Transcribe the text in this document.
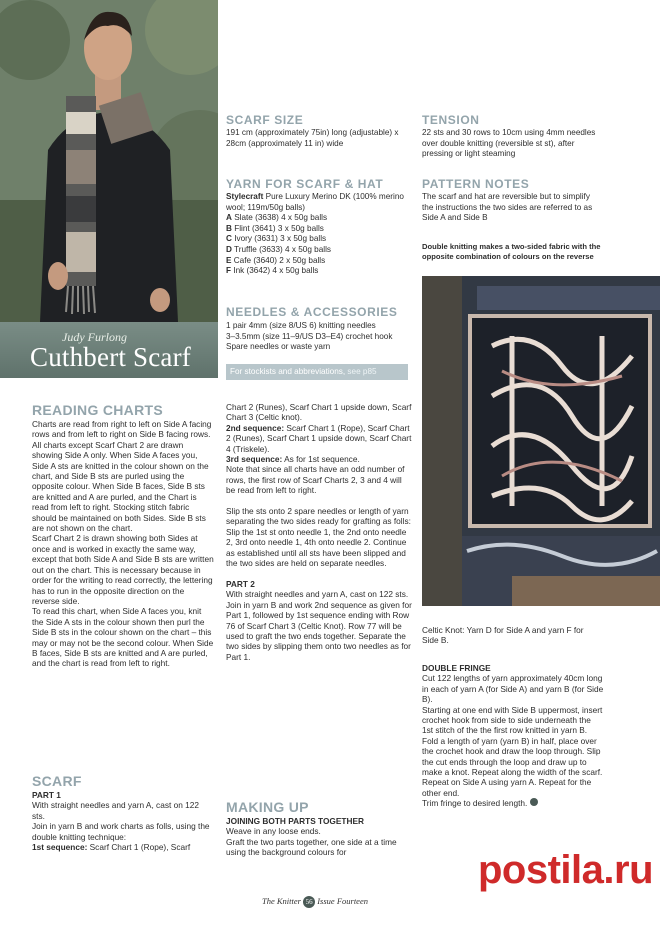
Judy Furlong
Cuthbert Scarf
SCARF SIZE
191 cm (approximately 75in) long (adjustable) x 28cm (approximately 11 in) wide
YARN FOR SCARF & HAT
Stylecraft Pure Luxury Merino DK (100% merino wool; 119m/50g balls)
A Slate (3638) 4 x 50g balls
B Flint (3641) 3 x 50g balls
C Ivory (3631) 3 x 50g balls
D Truffle (3633) 4 x 50g balls
E Cafe (3640) 2 x 50g balls
F Ink (3642) 4 x 50g balls
NEEDLES & ACCESSORIES
1 pair 4mm (size 8/US 6) knitting needles
3–3.5mm (size 11–9/US D3–E4) crochet hook
Spare needles or waste yarn
For stockists and abbreviations, see p85
TENSION
22 sts and 30 rows to 10cm using 4mm needles over double knitting (reversible st st), after pressing or light steaming
PATTERN NOTES
The scarf and hat are reversible but to simplify the instructions the two sides are referred to as Side A and Side B
Double knitting makes a two-sided fabric with the opposite combination of colours on the reverse
READING CHARTS

Charts are read from right to left on Side A facing rows and from left to right on Side B facing rows.

All charts except Scarf Chart 2 are drawn showing Side A only. When Side A faces you, Side A sts are knitted in the colour shown on the chart, and Side B sts are purled using the opposite colour. When Side B faces, Side B sts are knitted and A are purled, and the Chart is read from left to right. Stocking stitch fabric should be maintained on both Sides. Side B sts are not shown on the chart.

Scarf Chart 2 is drawn showing both Sides at once and is worked in exactly the same way, except that both Side A and Side B sts are written out on the chart. This is necessary because in order for the writing to read correctly, the lettering has to run in the opposite direction on the reverse side.

To read this chart, when Side A faces you, knit the Side A sts in the colour shown then purl the Side B sts in the colour shown on the chart – this may or may not be the second colour. When Side B faces, Side B sts are knitted and A are purled, and the chart is read from left to right.

SCARF

PART 1

With straight needles and yarn A, cast on 122 sts.

Join in yarn B and work charts as folls, using the double knitting technique:

1st sequence: Scarf Chart 1 (Rope), Scarf

Chart 2 (Runes), Scarf Chart 1 upside down, Scarf Chart 3 (Celtic knot).

2nd sequence: Scarf Chart 1 (Rope), Scarf Chart 2 (Runes), Scarf Chart 1 upside down, Scarf Chart 4 (Triskele).

3rd sequence: As for 1st sequence.

Note that since all charts have an odd number of rows, the first row of Scarf Charts 2, 3 and 4 will be read from left to right.

Slip the sts onto 2 spare needles or length of yarn separating the two sides ready for grafting as folls:

Slip the 1st st onto needle 1, the 2nd onto needle 2, 3rd onto needle 1, 4th onto needle 2. Continue as established until all sts have been slipped and the two sides are held on separate needles.

PART 2

With straight needles and yarn A, cast on 122 sts.

Join in yarn B and work 2nd sequence as given for Part 1, followed by 1st sequence ending with Row 76 of Scarf Chart 3 (Celtic Knot). Row 77 will be used to graft the two ends together. Separate the two sides by slipping them onto two needles as for Part 1.

MAKING UP

JOINING BOTH PARTS TOGETHER

Weave in any loose ends.

Graft the two parts together, one side at a time using the background colours for

Celtic Knot: Yarn D for Side A and yarn F for Side B.

DOUBLE FRINGE

Cut 122 lengths of yarn approximately 40cm long in each of yarn A (for Side A) and yarn B (for Side B).

Starting at one end with Side B uppermost, insert crochet hook from side to side underneath the 1st stitch of the the first row knitted in yarn B. Fold a length of yarn (yarn B) in half, place over the crochet hook and draw the loop through. Slip the cut ends through the loop and draw up to make a knot. Repeat along the width of the scarf.

Repeat on Side A using yarn A. Repeat for the other end.

Trim fringe to desired length.

postila.ru
The Knitter 56 Issue Fourteen
